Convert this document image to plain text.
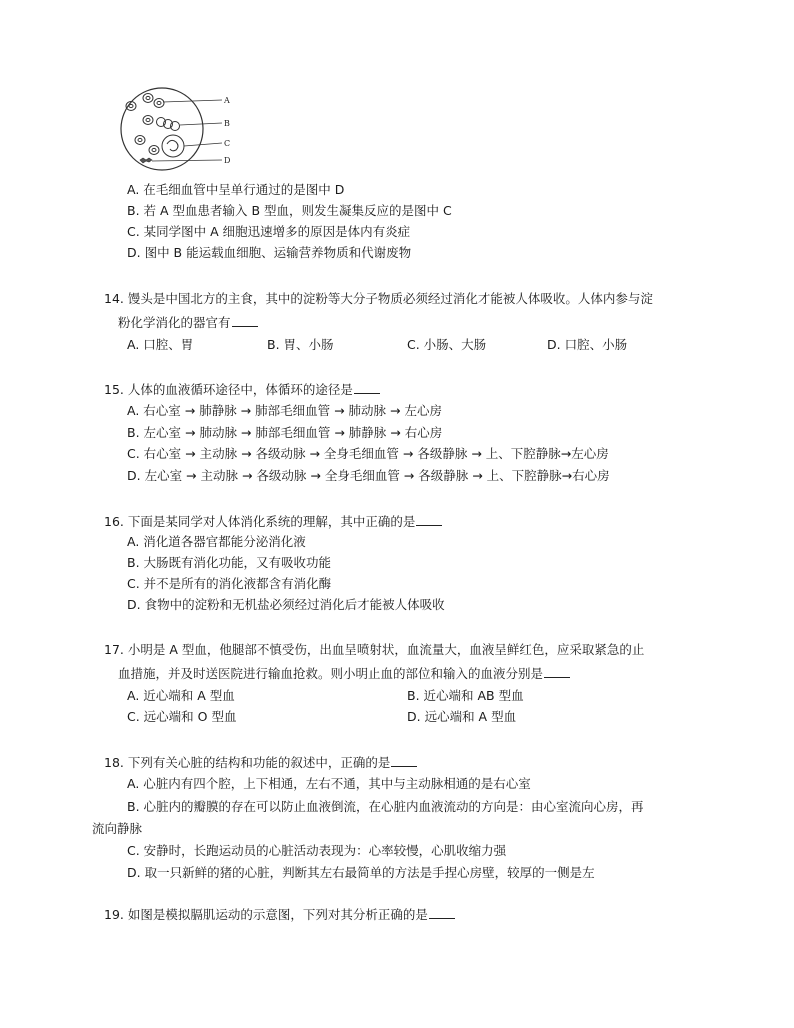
A
B
C
D
A. 在毛细血管中呈单行通过的是图中 D
B. 若 A 型血患者输入 B 型血，则发生凝集反应的是图中 C
C. 某同学图中 A 细胞迅速增多的原因是体内有炎症
D. 图中 B 能运载血细胞、运输营养物质和代谢废物
14. 馒头是中国北方的主食，其中的淀粉等大分子物质必须经过消化才能被人体吸收。人体内参与淀
粉化学消化的器官有
A. 口腔、胃	B. 胃、小肠	C. 小肠、大肠	D. 口腔、小肠
15. 人体的血液循环途径中，体循环的途径是
A. 右心室 → 肺静脉 → 肺部毛细血管 → 肺动脉 → 左心房
B. 左心室 → 肺动脉 → 肺部毛细血管 → 肺静脉 → 右心房
C. 右心室 → 主动脉 → 各级动脉 → 全身毛细血管 → 各级静脉 → 上、下腔静脉→左心房
D. 左心室 → 主动脉 → 各级动脉 → 全身毛细血管 → 各级静脉 → 上、下腔静脉→右心房
16. 下面是某同学对人体消化系统的理解，其中正确的是
A. 消化道各器官都能分泌消化液
B. 大肠既有消化功能，又有吸收功能
C. 并不是所有的消化液都含有消化酶
D. 食物中的淀粉和无机盐必须经过消化后才能被人体吸收
17. 小明是 A 型血，他腿部不慎受伤，出血呈喷射状，血流量大，血液呈鲜红色，应采取紧急的止
血措施，并及时送医院进行输血抢救。则小明止血的部位和输入的血液分别是
A. 近心端和 A 型血	B. 近心端和 AB 型血
C. 远心端和 O 型血	D. 远心端和 A 型血
18. 下列有关心脏的结构和功能的叙述中，正确的是
A. 心脏内有四个腔，上下相通，左右不通，其中与主动脉相通的是右心室
B. 心脏内的瓣膜的存在可以防止血液倒流，在心脏内血液流动的方向是：由心室流向心房，再
流向静脉
C. 安静时，长跑运动员的心脏活动表现为：心率较慢，心肌收缩力强
D. 取一只新鲜的猪的心脏，判断其左右最简单的方法是手捏心房壁，较厚的一侧是左
19. 如图是模拟膈肌运动的示意图，下列对其分析正确的是
